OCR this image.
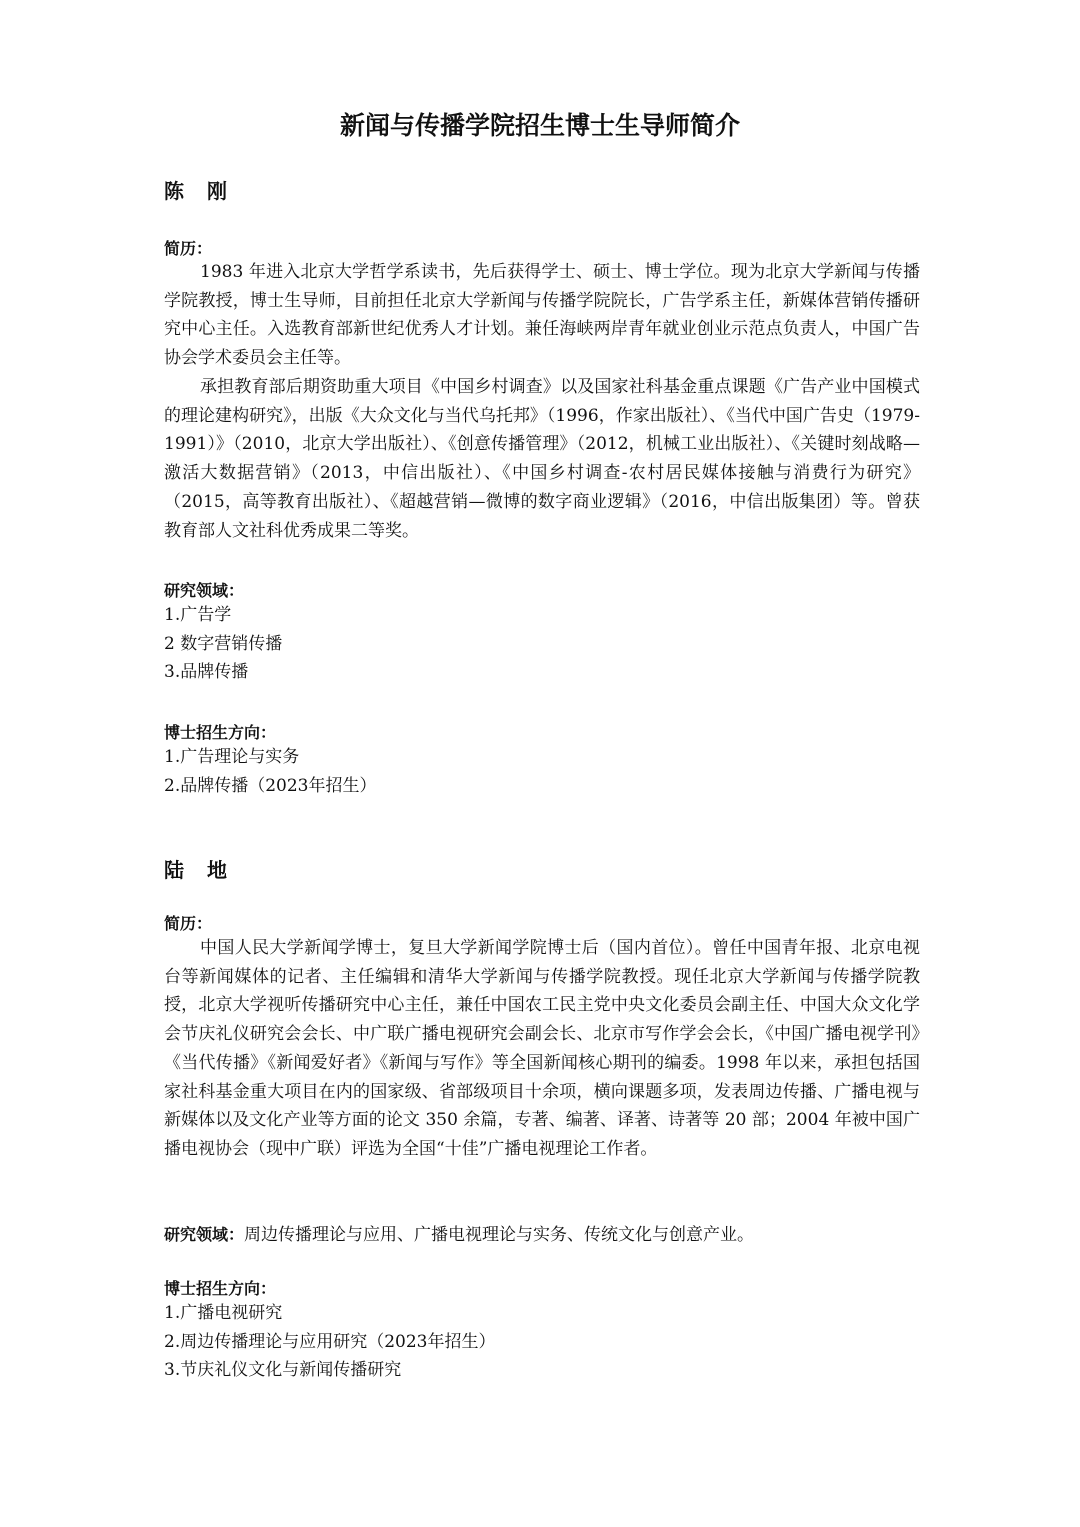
新闻与传播学院招生博士生导师简介
陈 刚
简历：

1983 年进入北京大学哲学系读书，先后获得学士、硕士、博士学位。现为北京大学新闻与传播学院教授，博士生导师，目前担任北京大学新闻与传播学院院长，广告学系主任，新媒体营销传播研究中心主任。入选教育部新世纪优秀人才计划。兼任海峡两岸青年就业创业示范点负责人，中国广告协会学术委员会主任等。

承担教育部后期资助重大项目《中国乡村调查》以及国家社科基金重点课题《广告产业中国模式的理论建构研究》，出版《大众文化与当代乌托邦》（1996，作家出版社）、《当代中国广告史（1979-1991）》（2010，北京大学出版社）、《创意传播管理》（2012，机械工业出版社）、《关键时刻战略—激活大数据营销》（2013，中信出版社）、《中国乡村调查-农村居民媒体接触与消费行为研究》（2015，高等教育出版社）、《超越营销—微博的数字商业逻辑》（2016，中信出版集团）等。曾获教育部人文社科优秀成果二等奖。

研究领域：
1.广告学
2 数字营销传播
3.品牌传播
博士招生方向：
1.广告理论与实务
2.品牌传播（2023年招生）
陆 地
简历：

中国人民大学新闻学博士，复旦大学新闻学院博士后（国内首位）。曾任中国青年报、北京电视台等新闻媒体的记者、主任编辑和清华大学新闻与传播学院教授。现任北京大学新闻与传播学院教授，北京大学视听传播研究中心主任，兼任中国农工民主党中央文化委员会副主任、中国大众文化学会节庆礼仪研究会会长、中广联广播电视研究会副会长、北京市写作学会会长，《中国广播电视学刊》《当代传播》《新闻爱好者》《新闻与写作》等全国新闻核心期刊的编委。1998 年以来，承担包括国家社科基金重大项目在内的国家级、省部级项目十余项，横向课题多项，发表周边传播、广播电视与新媒体以及文化产业等方面的论文 350 余篇，专著、编著、译著、诗著等 20 部；2004 年被中国广播电视协会（现中广联）评选为全国“十佳”广播电视理论工作者。

研究领域：周边传播理论与应用、广播电视理论与实务、传统文化与创意产业。
博士招生方向：
1.广播电视研究
2.周边传播理论与应用研究（2023年招生）
3.节庆礼仪文化与新闻传播研究
